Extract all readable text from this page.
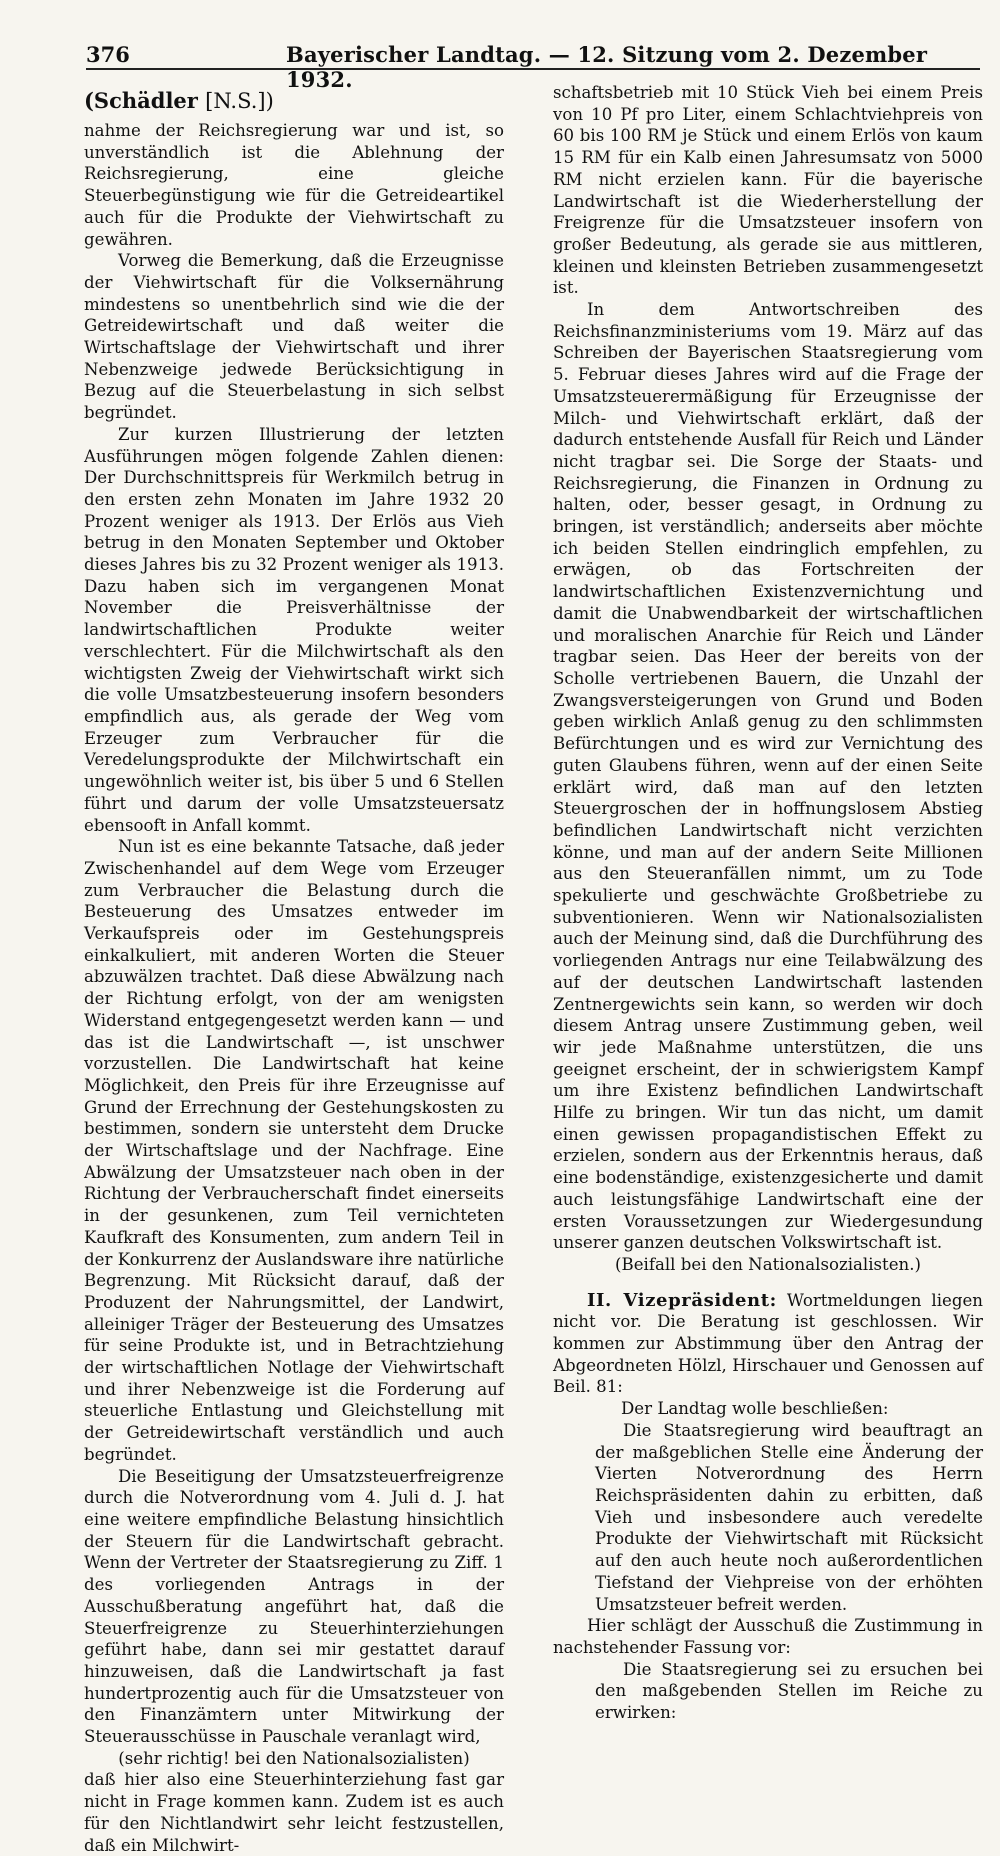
376	Bayerischer Landtag. — 12. Sitzung vom 2. Dezember 1932.
(Schädler [N.S.])

nahme der Reichsregierung war und ist, so unverständlich ist die Ablehnung der Reichsregierung, eine gleiche Steuerbegünstigung wie für die Getreideartikel auch für die Produkte der Viehwirtschaft zu gewähren.

Vorweg die Bemerkung, daß die Erzeugnisse der Viehwirtschaft für die Volksernährung mindestens so unentbehrlich sind wie die der Getreidewirtschaft und daß weiter die Wirtschaftslage der Viehwirtschaft und ihrer Nebenzweige jedwede Berücksichtigung in Bezug auf die Steuerbelastung in sich selbst begründet.

Zur kurzen Illustrierung der letzten Ausführungen mögen folgende Zahlen dienen: Der Durchschnittspreis für Werkmilch betrug in den ersten zehn Monaten im Jahre 1932 20 Prozent weniger als 1913. Der Erlös aus Vieh betrug in den Monaten September und Oktober dieses Jahres bis zu 32 Prozent weniger als 1913. Dazu haben sich im vergangenen Monat November die Preisverhältnisse der landwirtschaftlichen Produkte weiter verschlechtert. Für die Milchwirtschaft als den wichtigsten Zweig der Viehwirtschaft wirkt sich die volle Umsatzbesteuerung insofern besonders empfindlich aus, als gerade der Weg vom Erzeuger zum Verbraucher für die Veredelungsprodukte der Milchwirtschaft ein ungewöhnlich weiter ist, bis über 5 und 6 Stellen führt und darum der volle Umsatzsteuersatz ebensooft in Anfall kommt.

Nun ist es eine bekannte Tatsache, daß jeder Zwischenhandel auf dem Wege vom Erzeuger zum Verbraucher die Belastung durch die Besteuerung des Umsatzes entweder im Verkaufspreis oder im Gestehungspreis einkalkuliert, mit anderen Worten die Steuer abzuwälzen trachtet. Daß diese Abwälzung nach der Richtung erfolgt, von der am wenigsten Widerstand entgegengesetzt werden kann — und das ist die Landwirtschaft —, ist unschwer vorzustellen. Die Landwirtschaft hat keine Möglichkeit, den Preis für ihre Erzeugnisse auf Grund der Errechnung der Gestehungskosten zu bestimmen, sondern sie untersteht dem Drucke der Wirtschaftslage und der Nachfrage. Eine Abwälzung der Umsatzsteuer nach oben in der Richtung der Verbraucherschaft findet einerseits in der gesunkenen, zum Teil vernichteten Kaufkraft des Konsumenten, zum andern Teil in der Konkurrenz der Auslandsware ihre natürliche Begrenzung. Mit Rücksicht darauf, daß der Produzent der Nahrungsmittel, der Landwirt, alleiniger Träger der Besteuerung des Umsatzes für seine Produkte ist, und in Betrachtziehung der wirtschaftlichen Notlage der Viehwirtschaft und ihrer Nebenzweige ist die Forderung auf steuerliche Entlastung und Gleichstellung mit der Getreidewirtschaft verständlich und auch begründet.

Die Beseitigung der Umsatzsteuerfreigrenze durch die Notverordnung vom 4. Juli d. J. hat eine weitere empfindliche Belastung hinsichtlich der Steuern für die Landwirtschaft gebracht. Wenn der Vertreter der Staatsregierung zu Ziff. 1 des vorliegenden Antrags in der Ausschußberatung angeführt hat, daß die Steuerfreigrenze zu Steuerhinterziehungen geführt habe, dann sei mir gestattet darauf hinzuweisen, daß die Landwirtschaft ja fast hundertprozentig auch für die Umsatzsteuer von den Finanzämtern unter Mitwirkung der Steuerausschüsse in Pauschale veranlagt wird,

(sehr richtig! bei den Nationalsozialisten)

daß hier also eine Steuerhinterziehung fast gar nicht in Frage kommen kann. Zudem ist es auch für den Nichtlandwirt sehr leicht festzustellen, daß ein Milchwirt-

schaftsbetrieb mit 10 Stück Vieh bei einem Preis von 10 Pf pro Liter, einem Schlachtviehpreis von 60 bis 100 RM je Stück und einem Erlös von kaum 15 RM für ein Kalb einen Jahresumsatz von 5000 RM nicht erzielen kann. Für die bayerische Landwirtschaft ist die Wiederherstellung der Freigrenze für die Umsatzsteuer insofern von großer Bedeutung, als gerade sie aus mittleren, kleinen und kleinsten Betrieben zusammengesetzt ist.

In dem Antwortschreiben des Reichsfinanzministeriums vom 19. März auf das Schreiben der Bayerischen Staatsregierung vom 5. Februar dieses Jahres wird auf die Frage der Umsatzsteuerermäßigung für Erzeugnisse der Milch- und Viehwirtschaft erklärt, daß der dadurch entstehende Ausfall für Reich und Länder nicht tragbar sei. Die Sorge der Staats- und Reichsregierung, die Finanzen in Ordnung zu halten, oder, besser gesagt, in Ordnung zu bringen, ist verständlich; anderseits aber möchte ich beiden Stellen eindringlich empfehlen, zu erwägen, ob das Fortschreiten der landwirtschaftlichen Existenzvernichtung und damit die Unabwendbarkeit der wirtschaftlichen und moralischen Anarchie für Reich und Länder tragbar seien. Das Heer der bereits von der Scholle vertriebenen Bauern, die Unzahl der Zwangsversteigerungen von Grund und Boden geben wirklich Anlaß genug zu den schlimmsten Befürchtungen und es wird zur Vernichtung des guten Glaubens führen, wenn auf der einen Seite erklärt wird, daß man auf den letzten Steuergroschen der in hoffnungslosem Abstieg befindlichen Landwirtschaft nicht verzichten könne, und man auf der andern Seite Millionen aus den Steueranfällen nimmt, um zu Tode spekulierte und geschwächte Großbetriebe zu subventionieren. Wenn wir Nationalsozialisten auch der Meinung sind, daß die Durchführung des vorliegenden Antrags nur eine Teilabwälzung des auf der deutschen Landwirtschaft lastenden Zentnergewichts sein kann, so werden wir doch diesem Antrag unsere Zustimmung geben, weil wir jede Maßnahme unterstützen, die uns geeignet erscheint, der in schwierigstem Kampf um ihre Existenz befindlichen Landwirtschaft Hilfe zu bringen. Wir tun das nicht, um damit einen gewissen propagandistischen Effekt zu erzielen, sondern aus der Erkenntnis heraus, daß eine bodenständige, existenzgesicherte und damit auch leistungsfähige Landwirtschaft eine der ersten Voraussetzungen zur Wiedergesundung unserer ganzen deutschen Volkswirtschaft ist.

(Beifall bei den Nationalsozialisten.)

II. Vizepräsident: Wortmeldungen liegen nicht vor. Die Beratung ist geschlossen. Wir kommen zur Abstimmung über den Antrag der Abgeordneten Hölzl, Hirschauer und Genossen auf Beil. 81:

Der Landtag wolle beschließen:

Die Staatsregierung wird beauftragt an der maßgeblichen Stelle eine Änderung der Vierten Notverordnung des Herrn Reichspräsidenten dahin zu erbitten, daß Vieh und insbesondere auch veredelte Produkte der Viehwirtschaft mit Rücksicht auf den auch heute noch außerordentlichen Tiefstand der Viehpreise von der erhöhten Umsatzsteuer befreit werden.

Hier schlägt der Ausschuß die Zustimmung in nachstehender Fassung vor:

Die Staatsregierung sei zu ersuchen bei den maßgebenden Stellen im Reiche zu erwirken:
